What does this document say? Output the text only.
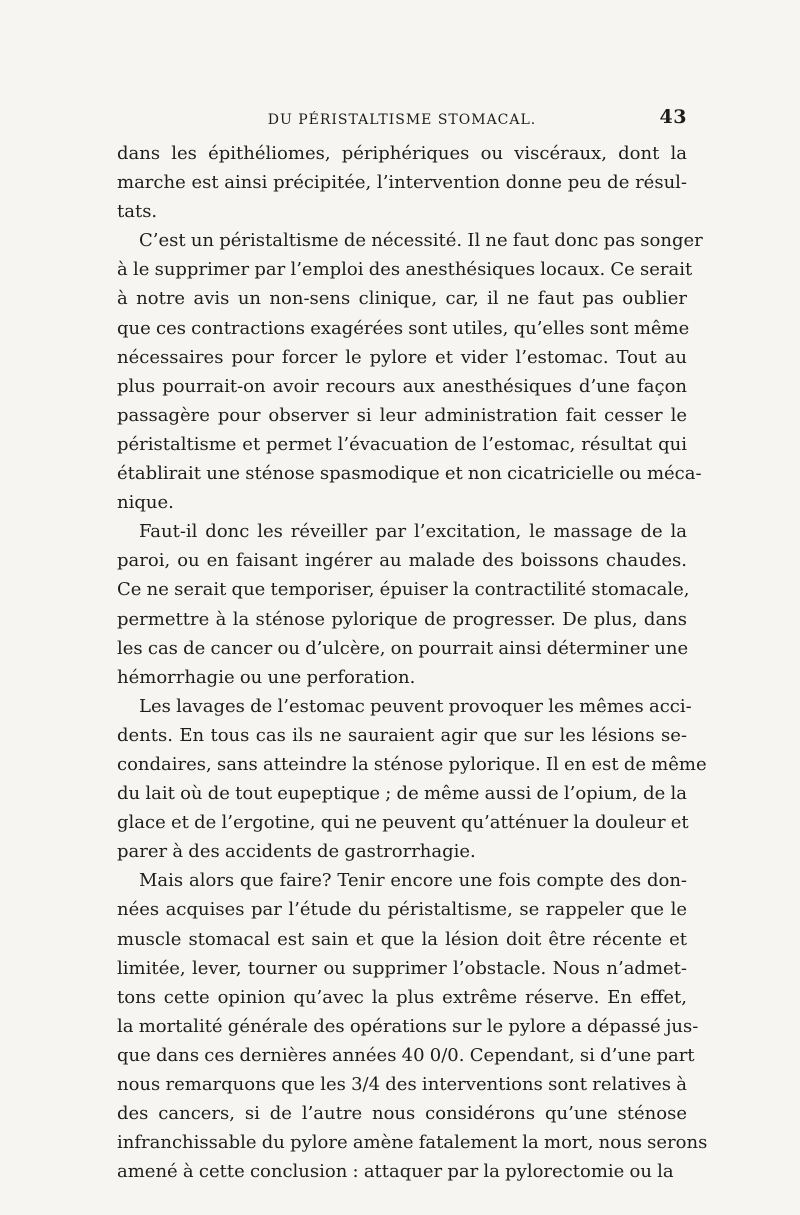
DU PÉRISTALTISME STOMACAL.	43

dans les épithéliomes, périphériques ou viscéraux, dont la
marche est ainsi précipitée, l’intervention donne peu de résul-
tats.

C’est un péristaltisme de nécessité. Il ne faut donc pas songer
à le supprimer par l’emploi des anesthésiques locaux. Ce serait
à notre avis un non-sens clinique, car, il ne faut pas oublier
que ces contractions exagérées sont utiles, qu’elles sont même
nécessaires pour forcer le pylore et vider l’estomac. Tout au
plus pourrait-on avoir recours aux anesthésiques d’une façon
passagère pour observer si leur administration fait cesser le
péristaltisme et permet l’évacuation de l’estomac, résultat qui
établirait une sténose spasmodique et non cicatricielle ou méca-
nique.

Faut-il donc les réveiller par l’excitation, le massage de la
paroi, ou en faisant ingérer au malade des boissons chaudes.
Ce ne serait que temporiser, épuiser la contractilité stomacale,
permettre à la sténose pylorique de progresser. De plus, dans
les cas de cancer ou d’ulcère, on pourrait ainsi déterminer une
hémorrhagie ou une perforation.

Les lavages de l’estomac peuvent provoquer les mêmes acci-
dents. En tous cas ils ne sauraient agir que sur les lésions se-
condaires, sans atteindre la sténose pylorique. Il en est de même
du lait où de tout eupeptique ; de même aussi de l’opium, de la
glace et de l’ergotine, qui ne peuvent qu’atténuer la douleur et
parer à des accidents de gastrorrhagie.

Mais alors que faire? Tenir encore une fois compte des don-
nées acquises par l’étude du péristaltisme, se rappeler que le
muscle stomacal est sain et que la lésion doit être récente et
limitée, lever, tourner ou supprimer l’obstacle. Nous n’admet-
tons cette opinion qu’avec la plus extrême réserve. En effet,
la mortalité générale des opérations sur le pylore a dépassé jus-
que dans ces dernières années 40 0/0. Cependant, si d’une part
nous remarquons que les 3/4 des interventions sont relatives à
des cancers, si de l’autre nous considérons qu’une sténose
infranchissable du pylore amène fatalement la mort, nous serons
amené à cette conclusion : attaquer par la pylorectomie ou la
